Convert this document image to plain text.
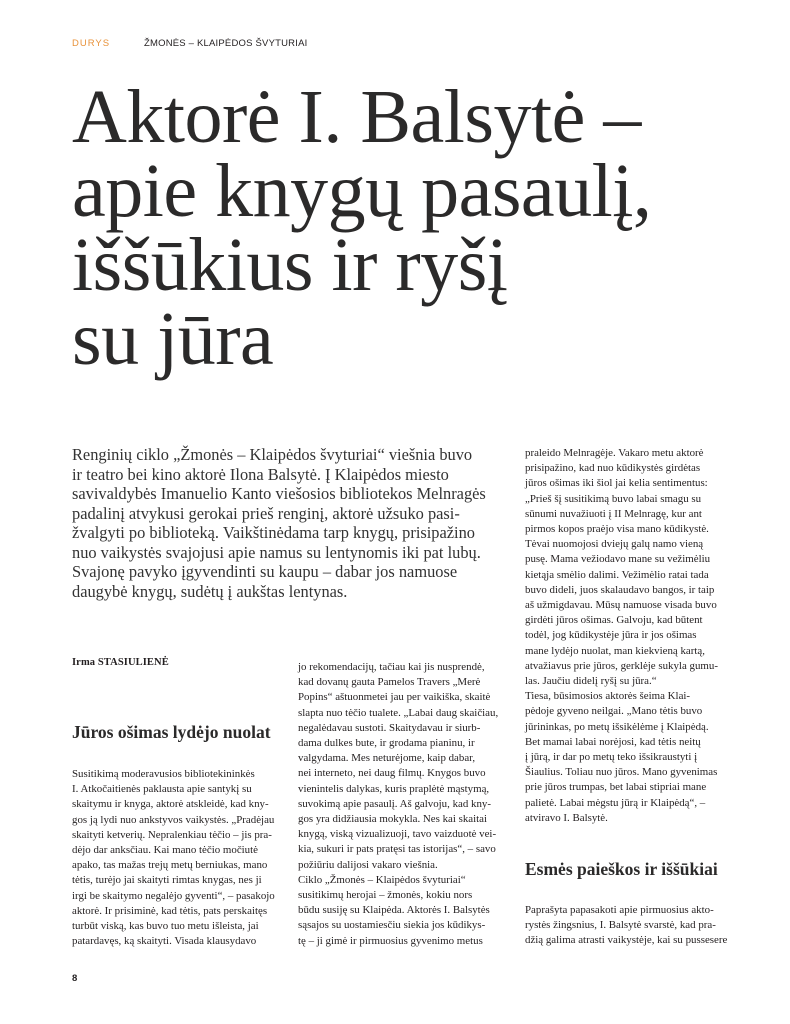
DURYS	ŽMONĖS – KLAIPĖDOS ŠVYTURIAI
Aktorė I. Balsytė –
apie knygų pasaulį,
iššūkius ir ryšį
su jūra

Renginių ciklo „Žmonės – Klaipėdos švyturiai“ viešnia buvo
ir teatro bei kino aktorė Ilona Balsytė. Į Klaipėdos miesto
savivaldybės Imanuelio Kanto viešosios bibliotekos Melnragės
padalinį atvykusi gerokai prieš renginį, aktorė užsuko pasi-
žvalgyti po biblioteką. Vaikštinėdama tarp knygų, prisipažino
nuo vaikystės svajojusi apie namus su lentynomis iki pat lubų.
Svajonę pavyko įgyvendinti su kaupu – dabar jos namuose
daugybė knygų, sudėtų į aukštas lentynas.

Irma STASIULIENĖ
Jūros ošimas lydėjo nuolat

Susitikimą moderavusios bibliotekininkės
I. Atkočaitienės paklausta apie santykį su
skaitymu ir knyga, aktorė atskleidė, kad kny-
gos ją lydi nuo ankstyvos vaikystės. „Pradėjau
skaityti ketverių. Nepralenkiau tėčio – jis pra-
dėjo dar anksčiau. Kai mano tėčio močiutė
apako, tas mažas trejų metų berniukas, mano
tėtis, turėjo jai skaityti rimtas knygas, nes ji
irgi be skaitymo negalėjo gyventi“, – pasakojo
aktorė. Ir prisiminė, kad tėtis, pats perskaitęs
turbūt viską, kas buvo tuo metu išleista, jai
patardavęs, ką skaityti. Visada klausydavo

jo rekomendacijų, tačiau kai jis nusprendė,
kad dovanų gauta Pamelos Travers „Merė
Popins“ aštuonmetei jau per vaikiška, skaitė
slapta nuo tėčio tualete. „Labai daug skaičiau,
negalėdavau sustoti. Skaitydavau ir siurb-
dama dulkes bute, ir grodama pianinu, ir
valgydama. Mes neturėjome, kaip dabar,
nei interneto, nei daug filmų. Knygos buvo
vienintelis dalykas, kuris praplėtė mąstymą,
suvokimą apie pasaulį. Aš galvoju, kad kny-
gos yra didžiausia mokykla. Nes kai skaitai
knygą, viską vizualizuoji, tavo vaizduotė vei-
kia, sukuri ir pats pratęsi tas istorijas“, – savo
požiūriu dalijosi vakaro viešnia.
Ciklo „Žmonės – Klaipėdos švyturiai“
susitikimų herojai – žmonės, kokiu nors
būdu susiję su Klaipėda. Aktorės I. Balsytės
sąsajos su uostamiesčiu siekia jos kūdikys-
tę – ji gimė ir pirmuosius gyvenimo metus

praleido Melnragėje. Vakaro metu aktorė
prisipažino, kad nuo kūdikystės girdėtas
jūros ošimas iki šiol jai kelia sentimentus:
„Prieš šį susitikimą buvo labai smagu su
sūnumi nuvažiuoti į II Melnragę, kur ant
pirmos kopos praėjo visa mano kūdikystė.
Tėvai nuomojosi dviejų galų namo vieną
pusę. Mama vežiodavo mane su vežimėliu
kietąja smėlio dalimi. Vežimėlio ratai tada
buvo dideli, juos skalaudavo bangos, ir taip
aš užmigdavau. Mūsų namuose visada buvo
girdėti jūros ošimas. Galvoju, kad būtent
todėl, jog kūdikystėje jūra ir jos ošimas
mane lydėjo nuolat, man kiekvieną kartą,
atvažiavus prie jūros, gerklėje sukyla gumu-
las. Jaučiu didelį ryšį su jūra.“
Tiesa, būsimosios aktorės šeima Klai-
pėdoje gyveno neilgai. „Mano tėtis buvo
jūrininkas, po metų išsikėlėme į Klaipėdą.
Bet mamai labai norėjosi, kad tėtis neitų
į jūrą, ir dar po metų teko išsikraustyti į
Šiaulius. Toliau nuo jūros. Mano gyvenimas
prie jūros trumpas, bet labai stipriai mane
palietė. Labai mėgstu jūrą ir Klaipėdą“, –
atviravo I. Balsytė.

Esmės paieškos ir iššūkiai

Paprašyta papasakoti apie pirmuosius akto-
rystės žingsnius, I. Balsytė svarstė, kad pra-
džią galima atrasti vaikystėje, kai su pussesere

8
